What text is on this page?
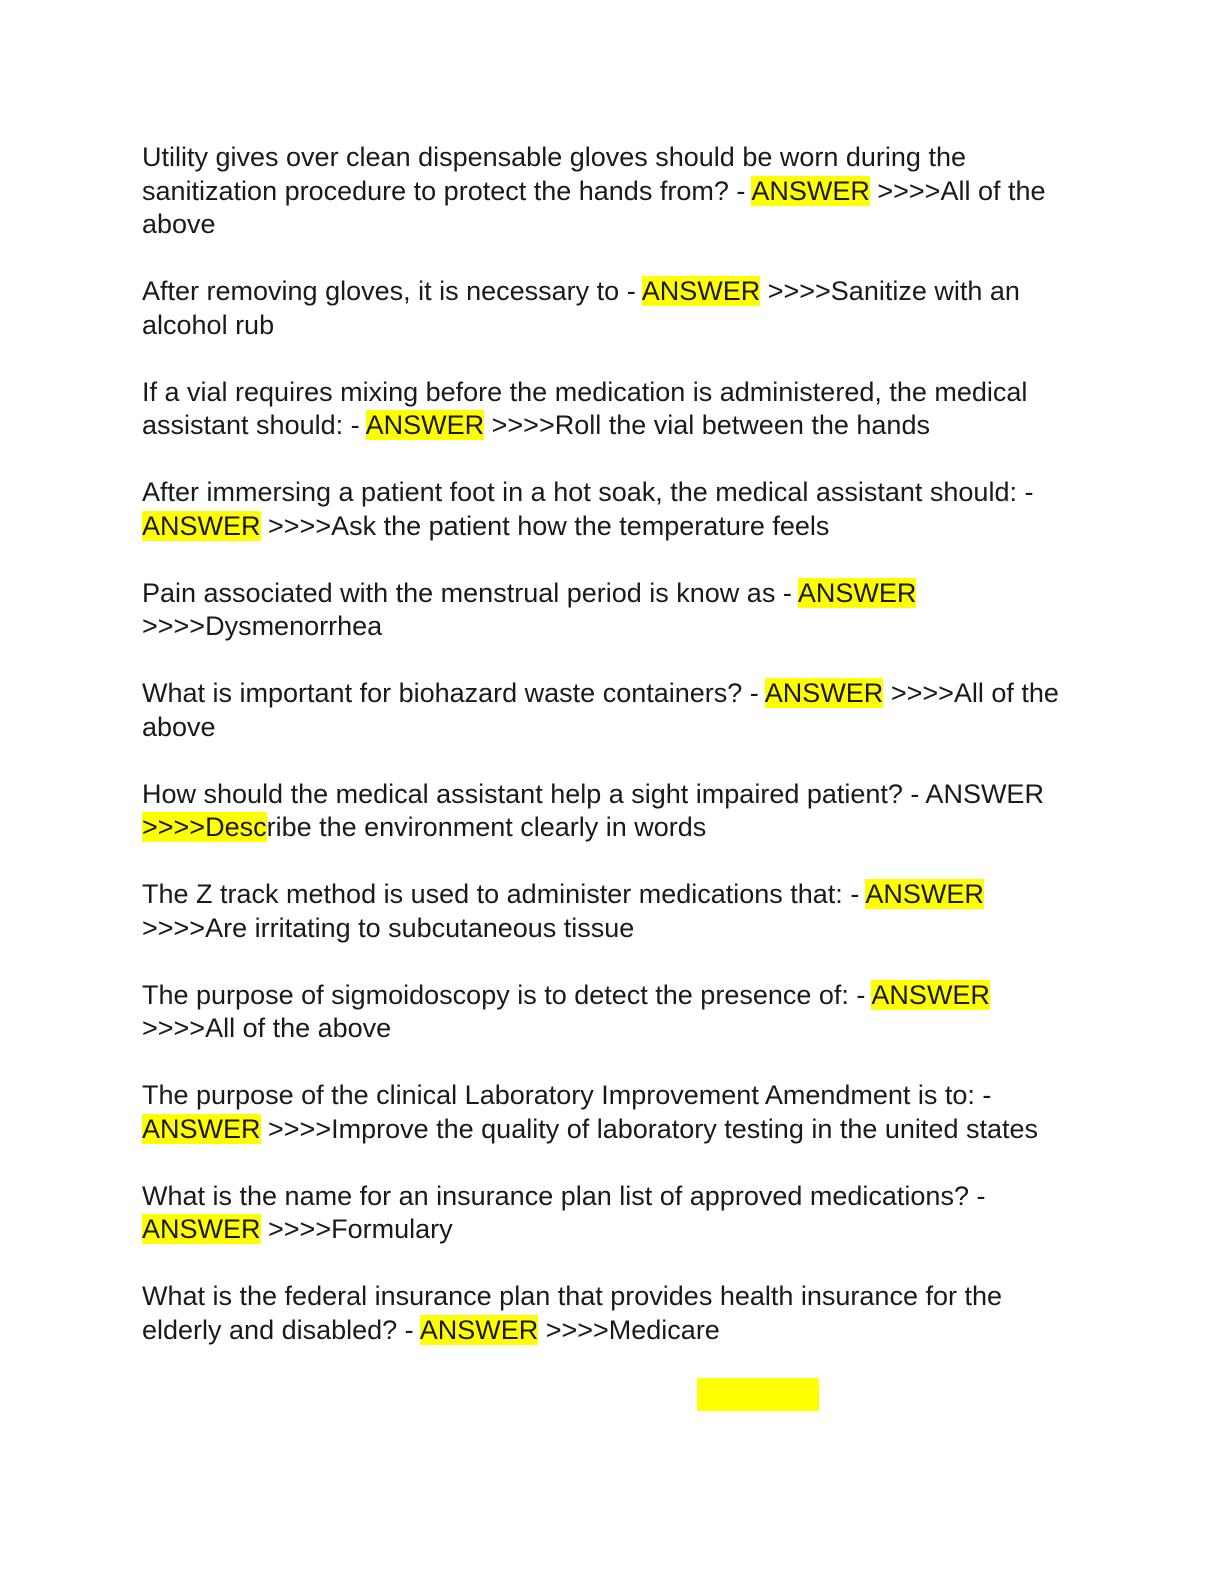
Utility gives over clean dispensable gloves should be worn during the sanitization procedure to protect the hands from? - ANSWER >>>>All of the above

After removing gloves, it is necessary to - ANSWER >>>>Sanitize with an alcohol rub

If a vial requires mixing before the medication is administered, the medical assistant should: - ANSWER >>>>Roll the vial between the hands

After immersing a patient foot in a hot soak, the medical assistant should: - ANSWER >>>>Ask the patient how the temperature feels

Pain associated with the menstrual period is know as - ANSWER >>>>Dysmenorrhea

What is important for biohazard waste containers? - ANSWER >>>>All of the above

How should the medical assistant help a sight impaired patient? - ANSWER >>>>Describe the environment clearly in words

The Z track method is used to administer medications that: - ANSWER >>>>Are irritating to subcutaneous tissue

The purpose of sigmoidoscopy is to detect the presence of: - ANSWER >>>>All of the above

The purpose of the clinical Laboratory Improvement Amendment is to: - ANSWER >>>>Improve the quality of laboratory testing in the united states

What is the name for an insurance plan list of approved medications? - ANSWER >>>>Formulary

What is the federal insurance plan that provides health insurance for the elderly and disabled? - ANSWER >>>>Medicare
